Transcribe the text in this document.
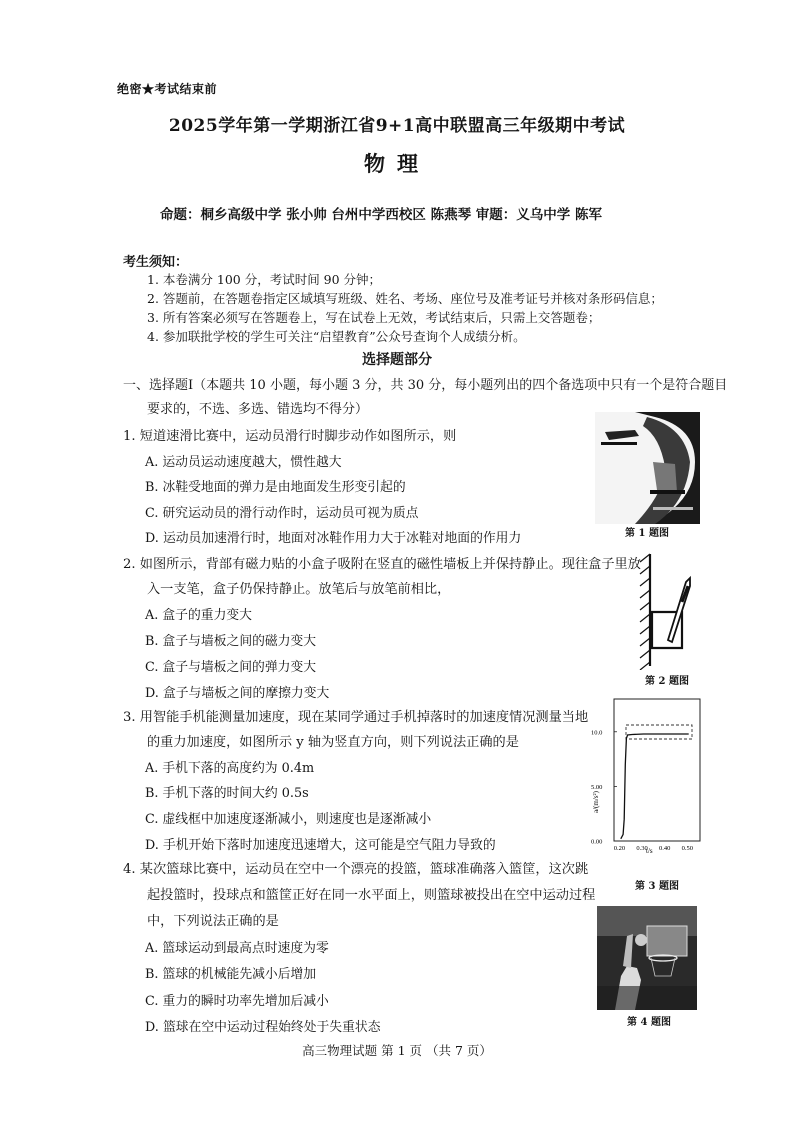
绝密★考试结束前
2025学年第一学期浙江省9+1高中联盟高三年级期中考试
物理
命题：桐乡高级中学 张小帅 台州中学西校区 陈燕琴 审题：义乌中学 陈军
考生须知：
1. 本卷满分 100 分，考试时间 90 分钟；
2. 答题前，在答题卷指定区域填写班级、姓名、考场、座位号及准考证号并核对条形码信息；
3. 所有答案必须写在答题卷上，写在试卷上无效，考试结束后，只需上交答题卷；
4. 参加联批学校的学生可关注“启望教育”公众号查询个人成绩分析。
选择题部分
一、选择题Ⅰ（本题共 10 小题，每小题 3 分，共 30 分，每小题列出的四个备选项中只有一个是符合题目
要求的，不选、多选、错选均不得分）
1. 短道速滑比赛中，运动员滑行时脚步动作如图所示，则
A. 运动员运动速度越大，惯性越大
B. 冰鞋受地面的弹力是由地面发生形变引起的
C. 研究运动员的滑行动作时，运动员可视为质点
D. 运动员加速滑行时，地面对冰鞋作用力大于冰鞋对地面的作用力	第 1 题图
2. 如图所示，背部有磁力贴的小盒子吸附在竖直的磁性墙板上并保持静止。现往盒子里放
入一支笔，盒子仍保持静止。放笔后与放笔前相比，
A. 盒子的重力变大
B. 盒子与墙板之间的磁力变大
C. 盒子与墙板之间的弹力变大
D. 盒子与墙板之间的摩擦力变大
第 2 题图
3. 用智能手机能测量加速度，现在某同学通过手机掉落时的加速度情况测量当地
的重力加速度，如图所示 y 轴为竖直方向，则下列说法正确的是
A. 手机下落的高度约为 0.4m
B. 手机下落的时间大约 0.5s
C. 虚线框中加速度逐渐减小，则速度也是逐渐减小
D. 手机开始下落时加速度迅速增大，这可能是空气阻力导致的	0.00
5.00
10.0
0.20 0.30 0.40 0.50
a/(m/s²)
t/s
第 3 题图
4. 某次篮球比赛中，运动员在空中一个漂亮的投篮，篮球准确落入篮筐，这次跳
起投篮时，投球点和篮筐正好在同一水平面上，则篮球被投出在空中运动过程
中，下列说法正确的是
A. 篮球运动到最高点时速度为零
B. 篮球的机械能先减小后增加
C. 重力的瞬时功率先增加后减小
D. 篮球在空中运动过程始终处于失重状态	第 4 题图
高三物理试题 第 1 页 （共 7 页）
